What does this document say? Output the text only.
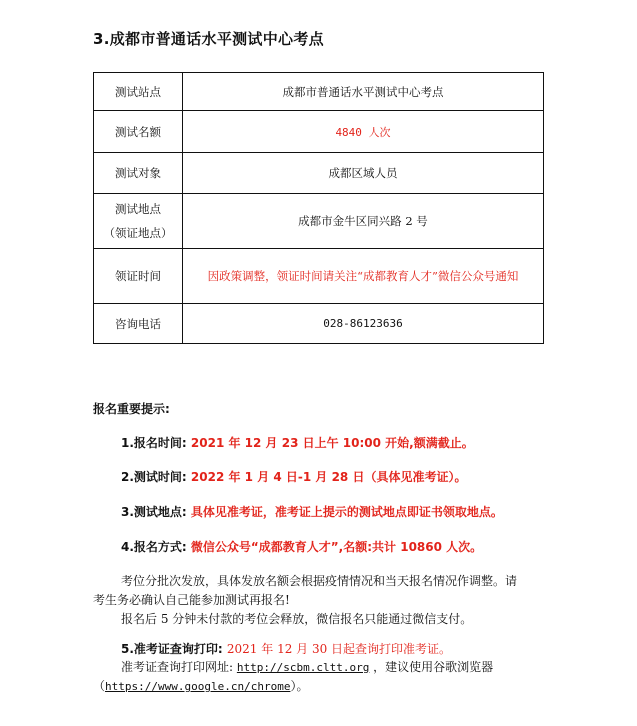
3.成都市普通话水平测试中心考点
测试站点	成都市普通话水平测试中心考点
测试名额	4840 人次
测试对象	成都区域人员

测试地点
（领证地点）	成都市金牛区同兴路 2 号
领证时间	因政策调整，领证时间请关注“成都教育人才”微信公众号通知
咨询电话	028-86123636
报名重要提示:
1.报名时间: 2021 年 12 月 23 日上午 10:00 开始,额满截止。
2.测试时间: 2022 年 1 月 4 日-1 月 28 日（具体见准考证）。
3.测试地点: 具体见准考证，准考证上提示的测试地点即证书领取地点。
4.报名方式: 微信公众号“成都教育人才”,名额:共计 10860 人次。
考位分批次发放，具体发放名额会根据疫情情况和当天报名情况作调整。请
考生务必确认自己能参加测试再报名!
报名后 5 分钟未付款的考位会释放，微信报名只能通过微信支付。
5.准考证查询打印: 2021 年 12 月 30 日起查询打印准考证。
准考证查询打印网址: http://scbm.cltt.org ，建议使用谷歌浏览器
（https://www.google.cn/chrome）。
